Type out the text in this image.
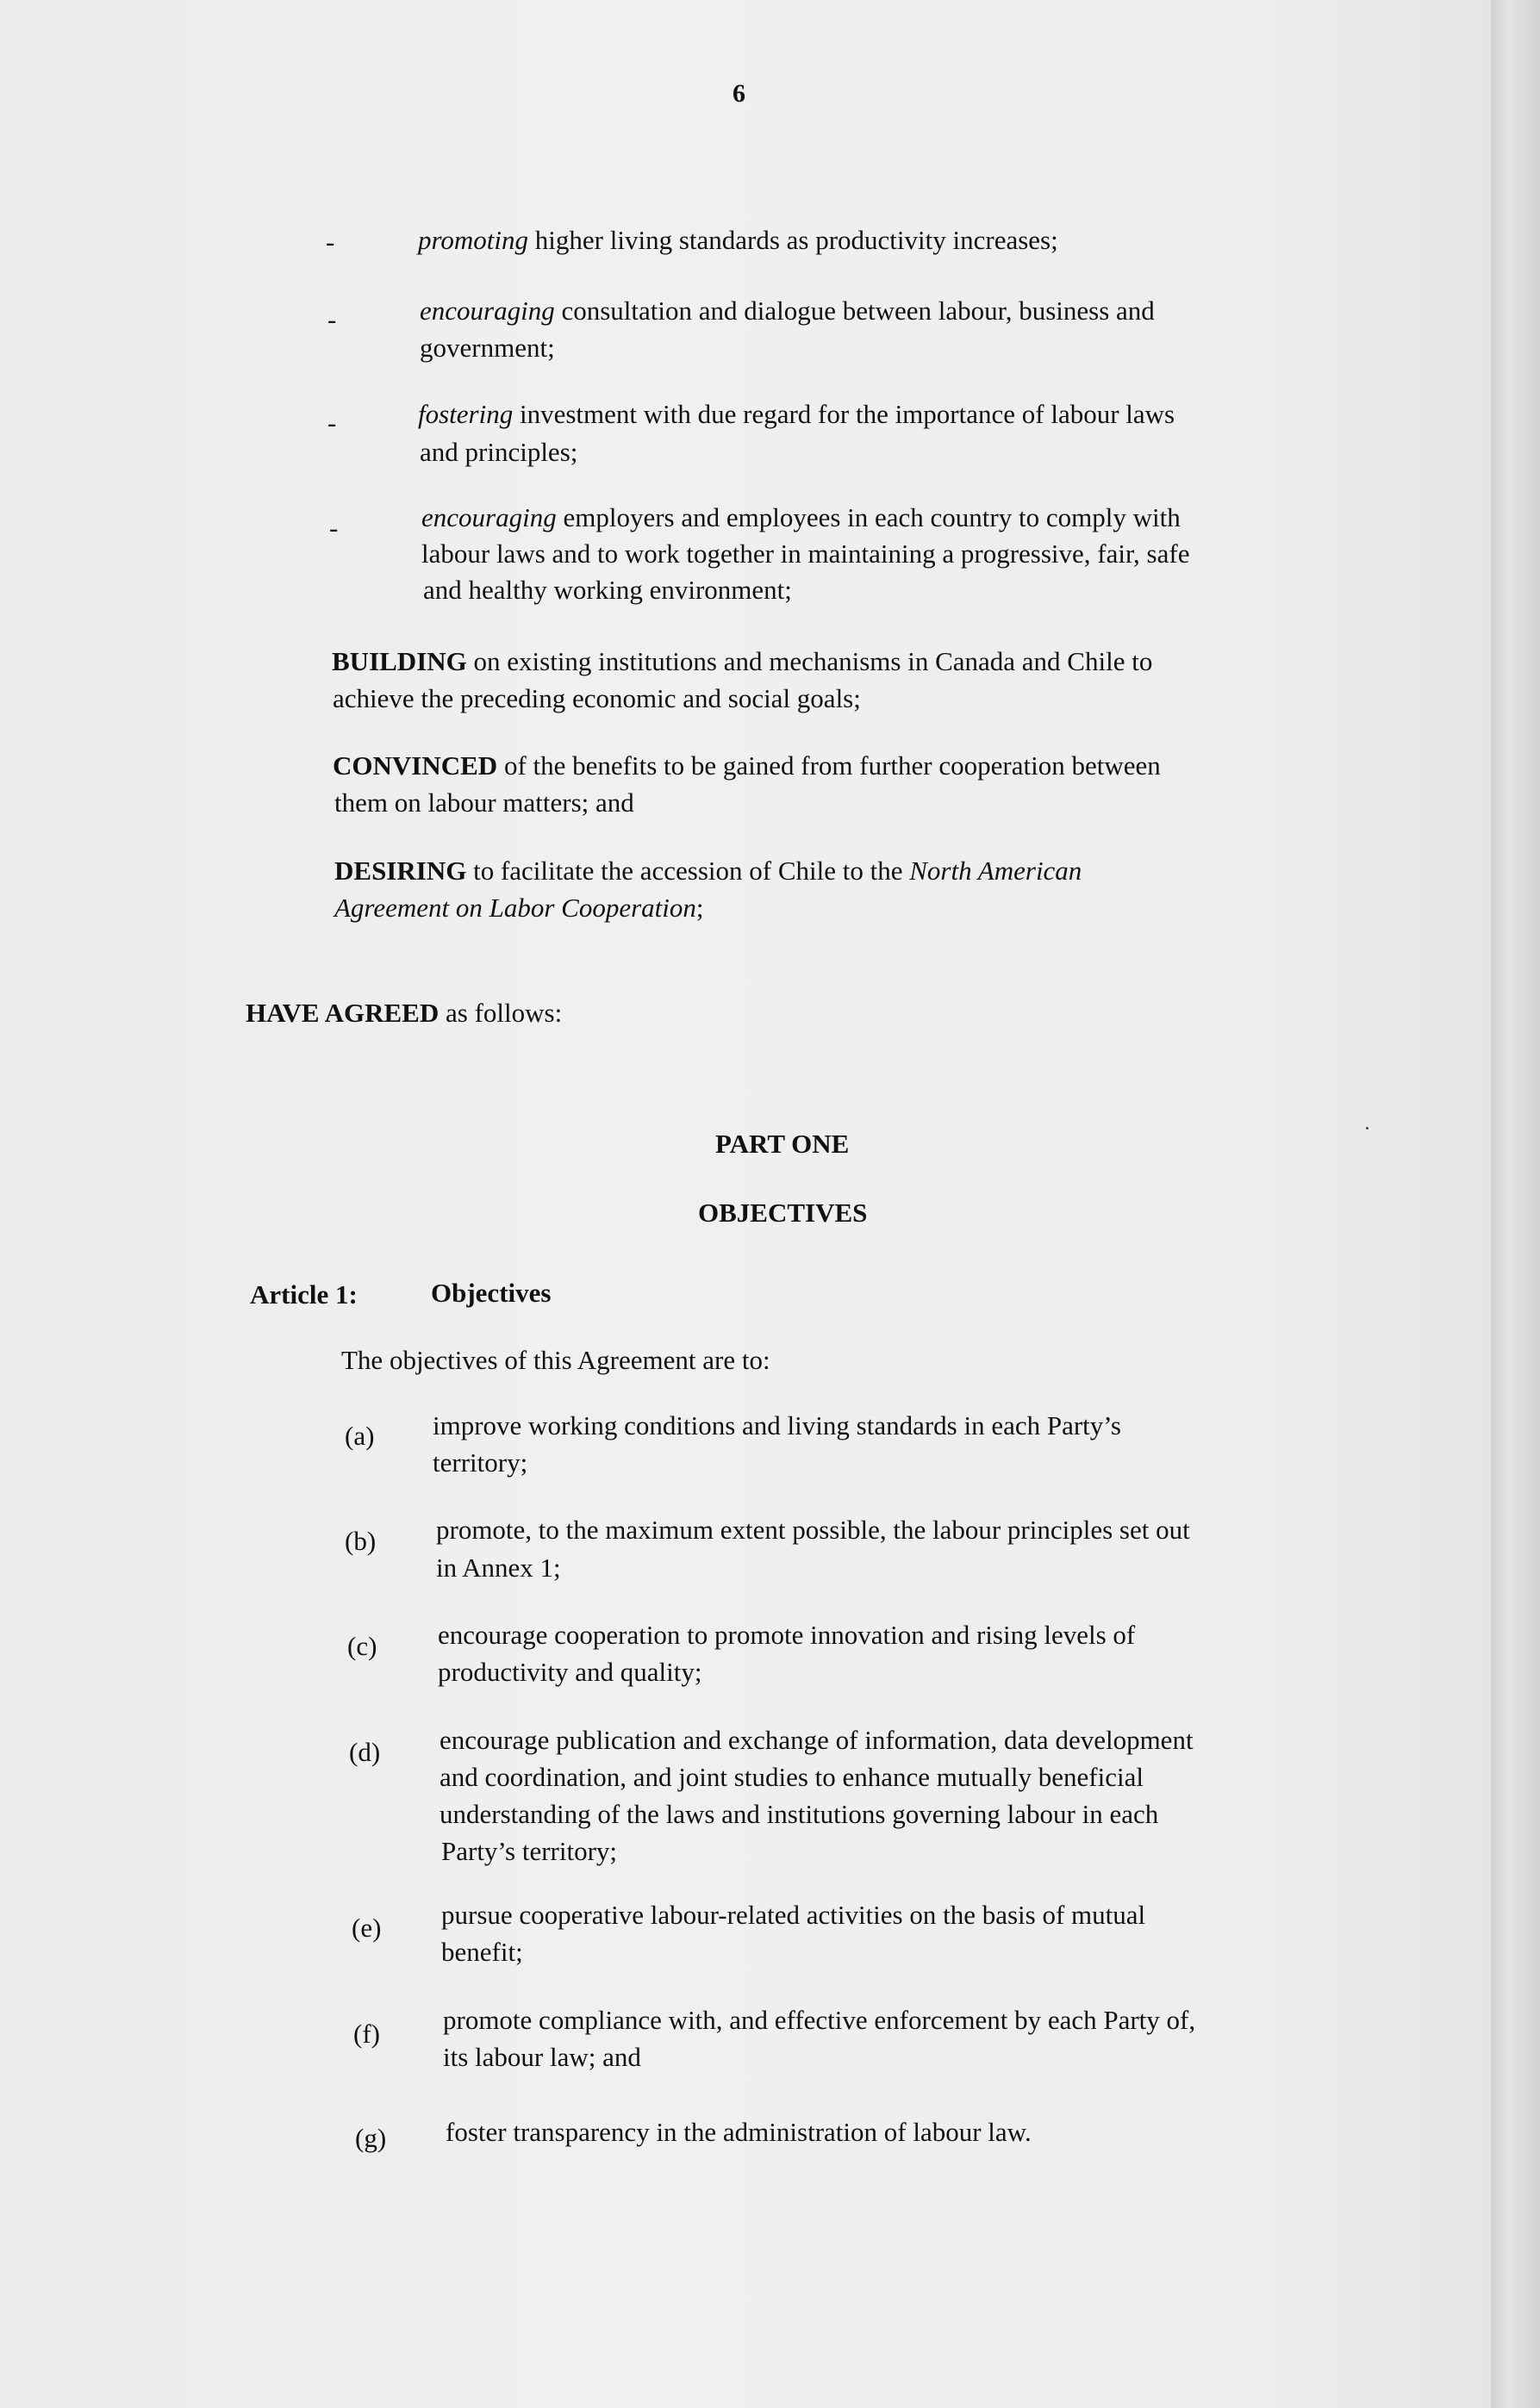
6
-	promoting higher living standards as productivity increases;
-	encouraging consultation and dialogue between labour, business and
government;
-	fostering investment with due regard for the importance of labour laws
and principles;
-	encouraging employers and employees in each country to comply with
labour laws and to work together in maintaining a progressive, fair, safe
and healthy working environment;
BUILDING on existing institutions and mechanisms in Canada and Chile to
achieve the preceding economic and social goals;
CONVINCED of the benefits to be gained from further cooperation between
them on labour matters; and
DESIRING to facilitate the accession of Chile to the North American
Agreement on Labor Cooperation;
HAVE AGREED as follows:
PART ONE
OBJECTIVES
Article 1:	Objectives
The objectives of this Agreement are to:
(a) improve working conditions and living standards in each Party’s
territory;
(b) promote, to the maximum extent possible, the labour principles set out
in Annex 1;
(c) encourage cooperation to promote innovation and rising levels of
productivity and quality;
(d) encourage publication and exchange of information, data development
and coordination, and joint studies to enhance mutually beneficial
understanding of the laws and institutions governing labour in each
Party’s territory;
(e) pursue cooperative labour-related activities on the basis of mutual
benefit;
(f) promote compliance with, and effective enforcement by each Party of,
its labour law; and
(g) foster transparency in the administration of labour law.
